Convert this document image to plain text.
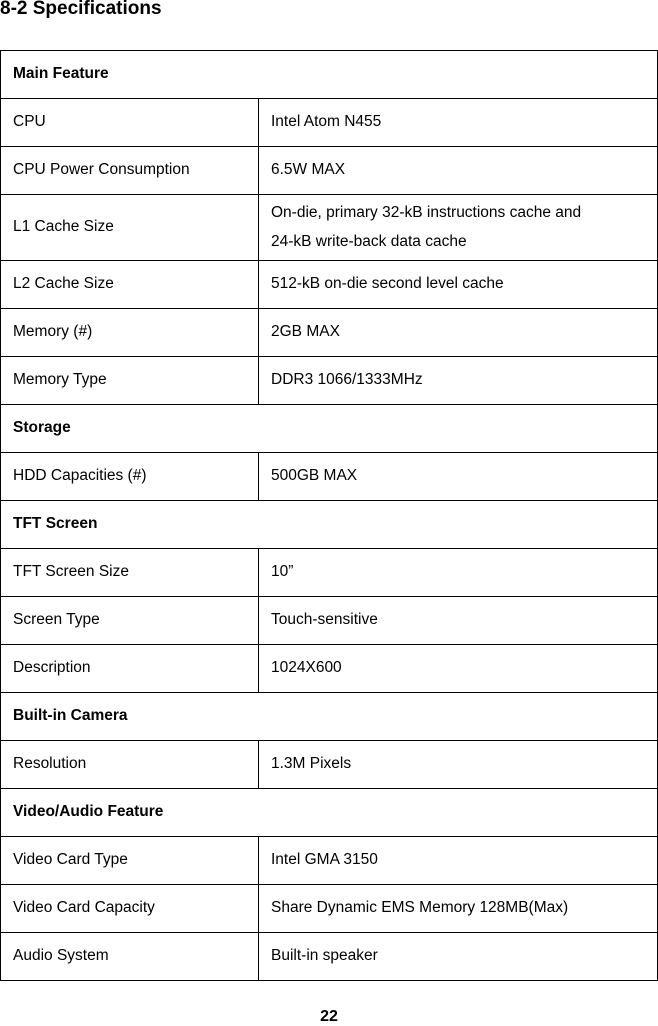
8-2 Specifications
Main Feature	
CPU	Intel Atom N455
CPU Power Consumption	6.5W MAX
L1 Cache Size	On-die, primary 32-kB instructions cache and
24-kB write-back data cache

L2 Cache Size	512-kB on-die second level cache
Memory (#)	2GB MAX
Memory Type	DDR3 1066/1333MHz
Storage	
HDD Capacities (#)	500GB MAX
TFT Screen	
TFT Screen Size	10”
Screen Type	Touch-sensitive
Description	1024X600
Built-in Camera	
Resolution	1.3M Pixels
Video/Audio Feature	
Video Card Type	Intel GMA 3150
Video Card Capacity	Share Dynamic EMS Memory 128MB(Max)
Audio System	Built-in speaker
22
